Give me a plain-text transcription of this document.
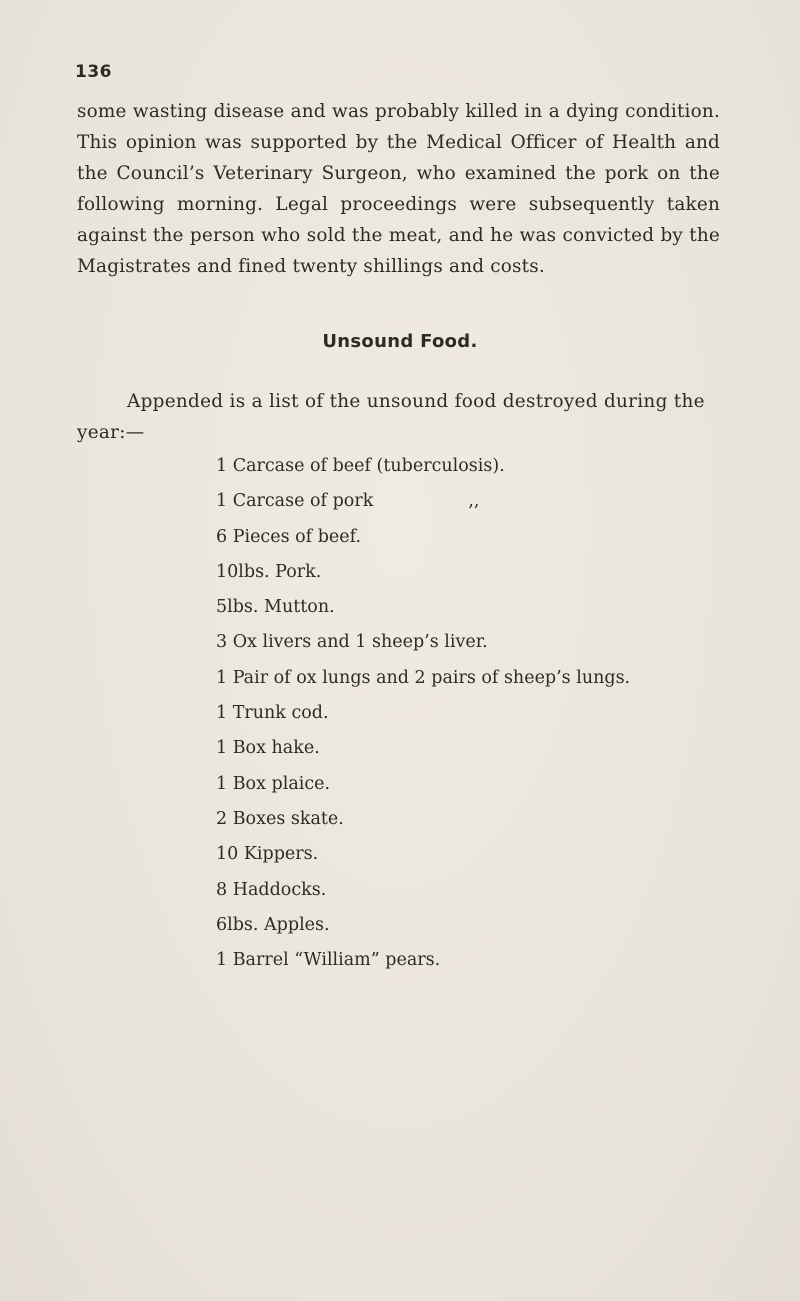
136

some wasting disease and was probably killed in a dying condition. This opinion was supported by the Medical Officer of Health and the Council’s Veterinary Surgeon, who examined the pork on the following morning. Legal proceedings were subsequently taken against the person who sold the meat, and he was convicted by the Magistrates and fined twenty shillings and costs.

Unsound Food.

Appended is a list of the unsound food destroyed during the year:—

1 Carcase of beef (tuberculosis).
1 Carcase of pork	,,
6 Pieces of beef.
10lbs. Pork.
5lbs. Mutton.
3 Ox livers and 1 sheep’s liver.
1 Pair of ox lungs and 2 pairs of sheep’s lungs.
1 Trunk cod.
1 Box hake.
1 Box plaice.
2 Boxes skate.
10 Kippers.
8 Haddocks.
6lbs. Apples.
1 Barrel “William” pears.
